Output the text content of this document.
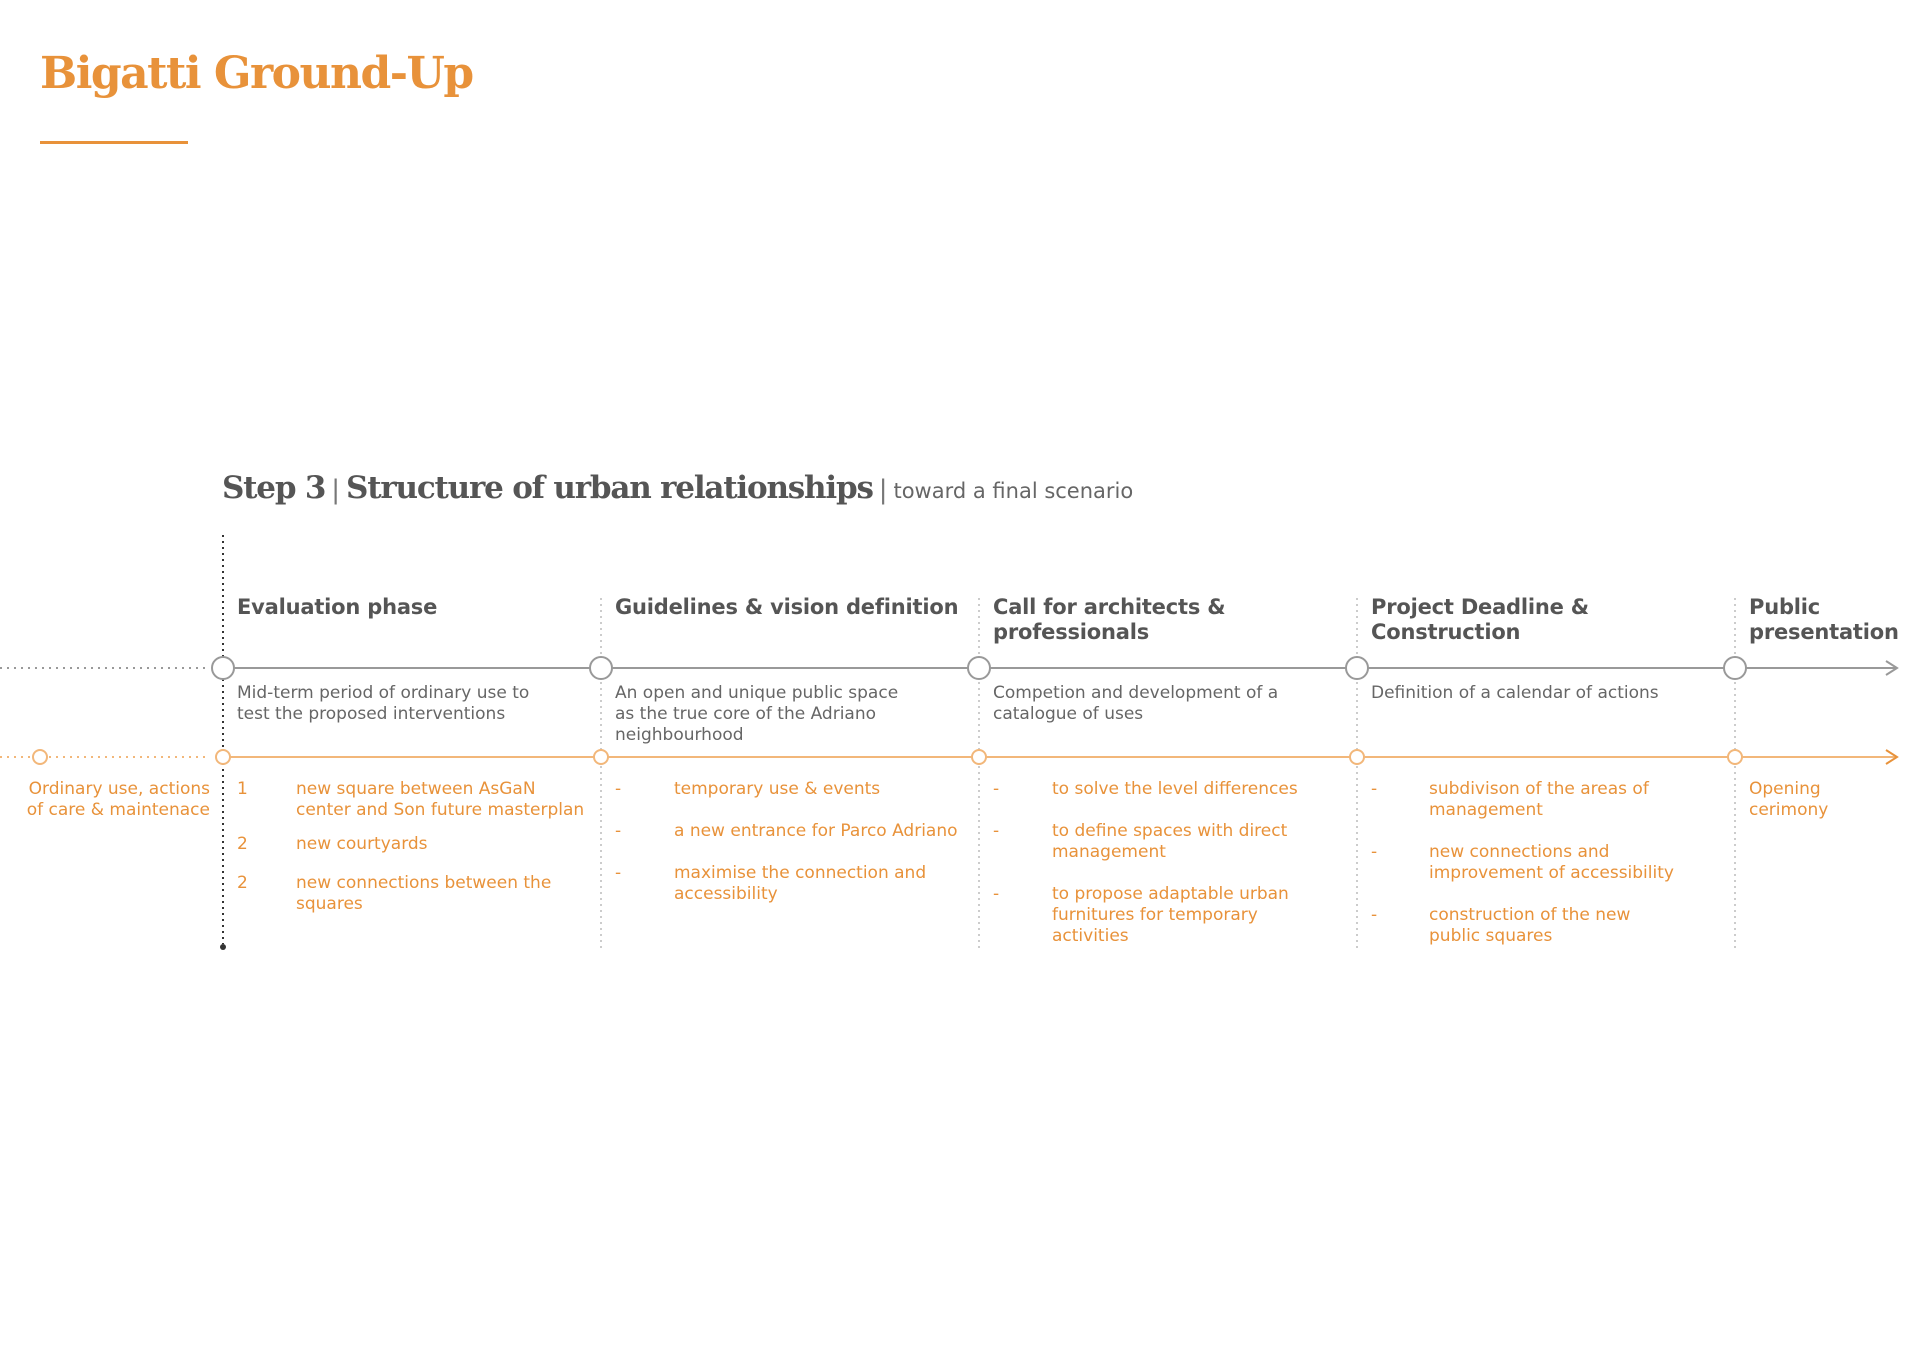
Bigatti Ground-Up
Step 3 | Structure of urban relationships | toward a final scenario
Ordinary use, actions
of care & maintenace
Evaluation phase
Mid-term period of ordinary use to
test the proposed interventions
1	new square between AsGaN
center and Son future masterplan
2	new courtyards
2	new connections between the
squares
Guidelines & vision definition
An open and unique public space
as the true core of the Adriano
neighbourhood
-	temporary use & events
-	a new entrance for Parco Adriano
-	maximise the connection and
accessibility
Call for architects &
professionals
Competion and development of a
catalogue of uses
-	to solve the level differences
-	to define spaces with direct
management
-	to propose adaptable urban
furnitures for temporary
activities
Project Deadline &
Construction
Definition of a calendar of actions
-	subdivison of the areas of
management
-	new connections and
improvement of accessibility
-	construction of the new
public squares
Public
presentation
Opening
cerimony
